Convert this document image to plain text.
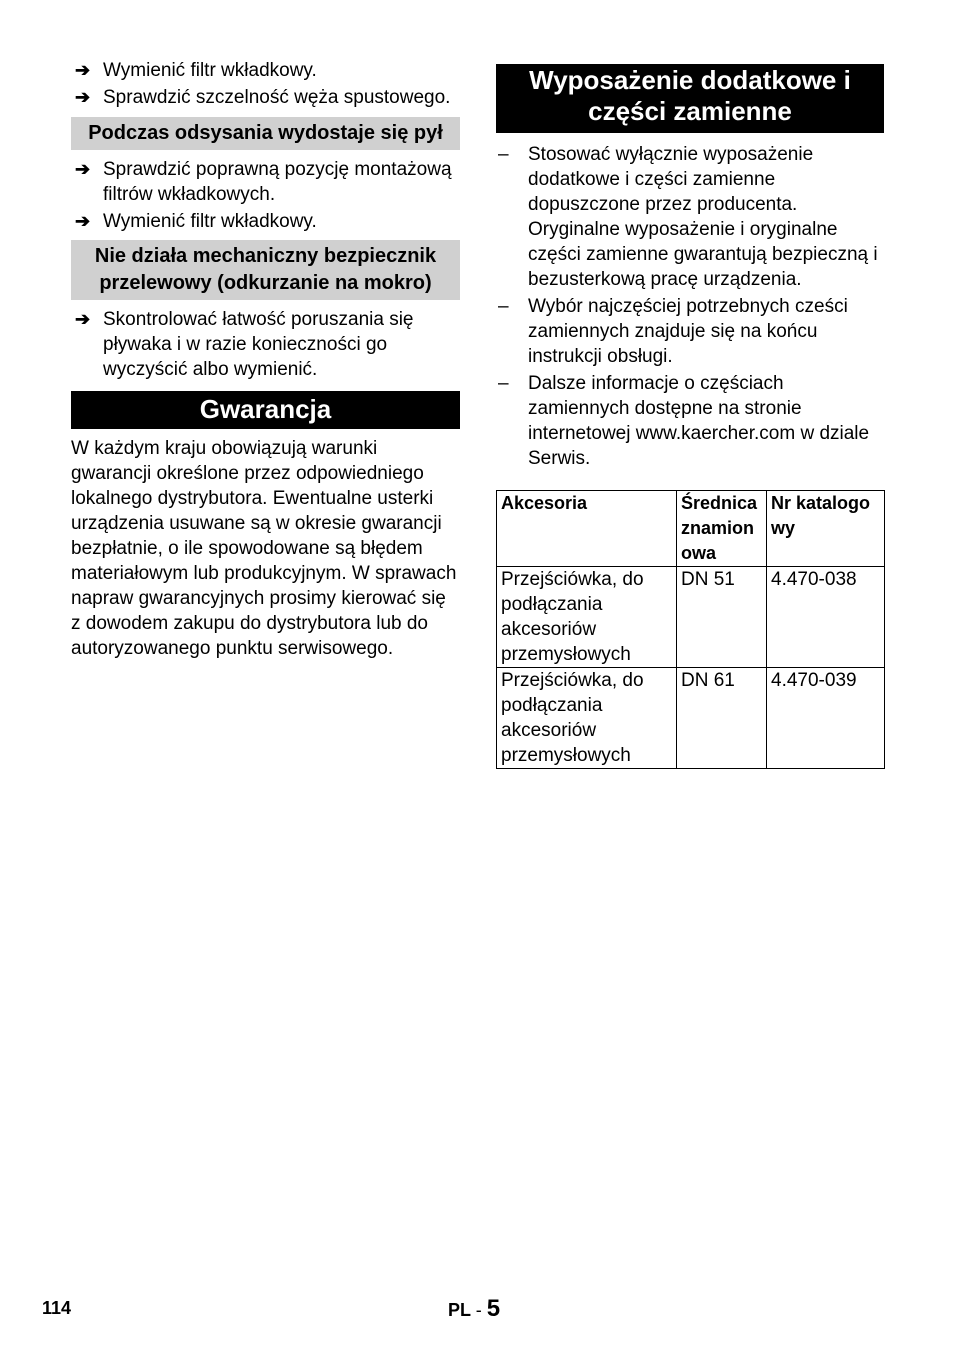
➔ Wymienić filtr wkładkowy.
➔ Sprawdzić szczelność węża spustowego.
Podczas odsysania wydostaje się pył
➔ Sprawdzić poprawną pozycję montażową filtrów wkładkowych.
➔ Wymienić filtr wkładkowy.
Nie działa mechaniczny bezpiecznik przelewowy (odkurzanie na mokro)
➔ Skontrolować łatwość poruszania się pływaka i w razie konieczności go wyczyścić albo wymienić.
Gwarancja

W każdym kraju obowiązują warunki gwarancji określone przez odpowiedniego lokalnego dystrybutora. Ewentualne usterki urządzenia usuwane są w okresie gwarancji bezpłatnie, o ile spowodowane są błędem materiałowym lub produkcyjnym. W sprawach napraw gwarancyjnych prosimy kierować się z dowodem zakupu do dystrybutora lub do autoryzowanego punktu serwisowego.

Wyposażenie dodatkowe i części zamienne
– Stosować wyłącznie wyposażenie dodatkowe i części zamienne dopuszczone przez producenta. Oryginalne wyposażenie i oryginalne części zamienne gwarantują bezpieczną i bezusterkową pracę urządzenia.
– Wybór najczęściej potrzebnych cześci zamiennych znajduje się na końcu instrukcji obsługi.
– Dalsze informacje o częściach zamiennych dostępne na stronie internetowej www.kaercher.com w dziale Serwis.
Akcesoria	Średnica znamionowa	Nr katalogowy
Przejściówka, do podłączania akcesoriów przemysłowych	DN 51	4.470-038
Przejściówka, do podłączania akcesoriów przemysłowych	DN 61	4.470-039
114	PL - 5
